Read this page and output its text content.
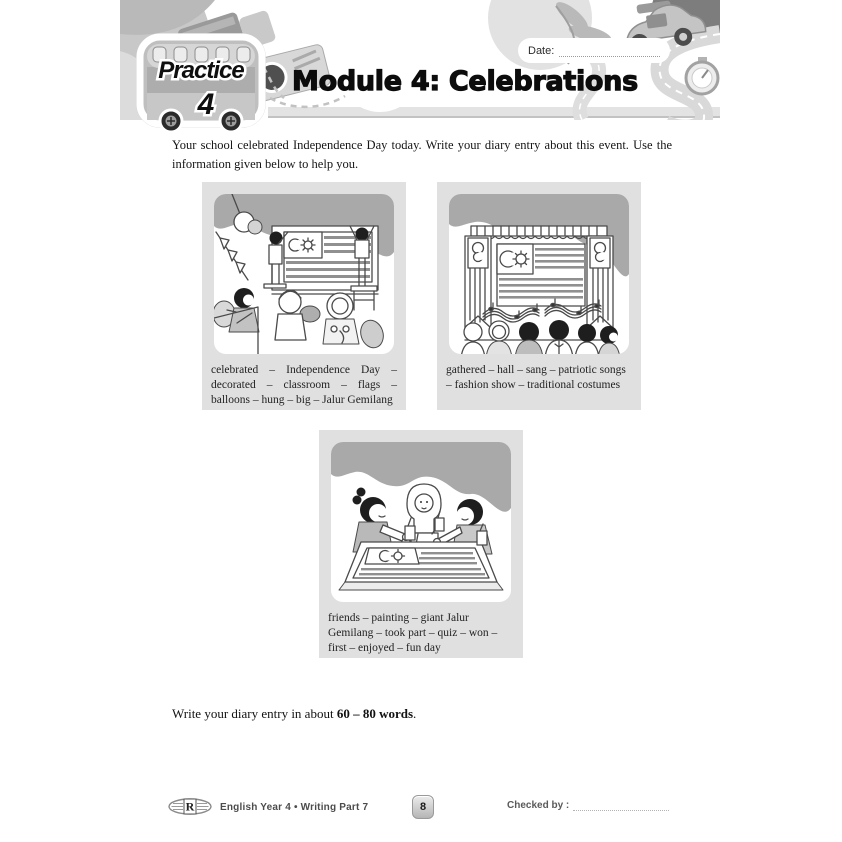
Practice
4
Date:
Module 4: Celebrations
Your school celebrated Independence Day today. Write your diary entry about this event. Use the information given below to help you.
celebrated – Independence Day – decorated – classroom – flags – balloons – hung – big – Jalur Gemilang
gathered – hall – sang – patriotic songs – fashion show – traditional costumes
friends – painting – giant Jalur Gemilang – took part – quiz – won – first – enjoyed – fun day
Write your diary entry in about 60 – 80 words.
R	English Year 4 • Writing Part 7	8	Checked by :
